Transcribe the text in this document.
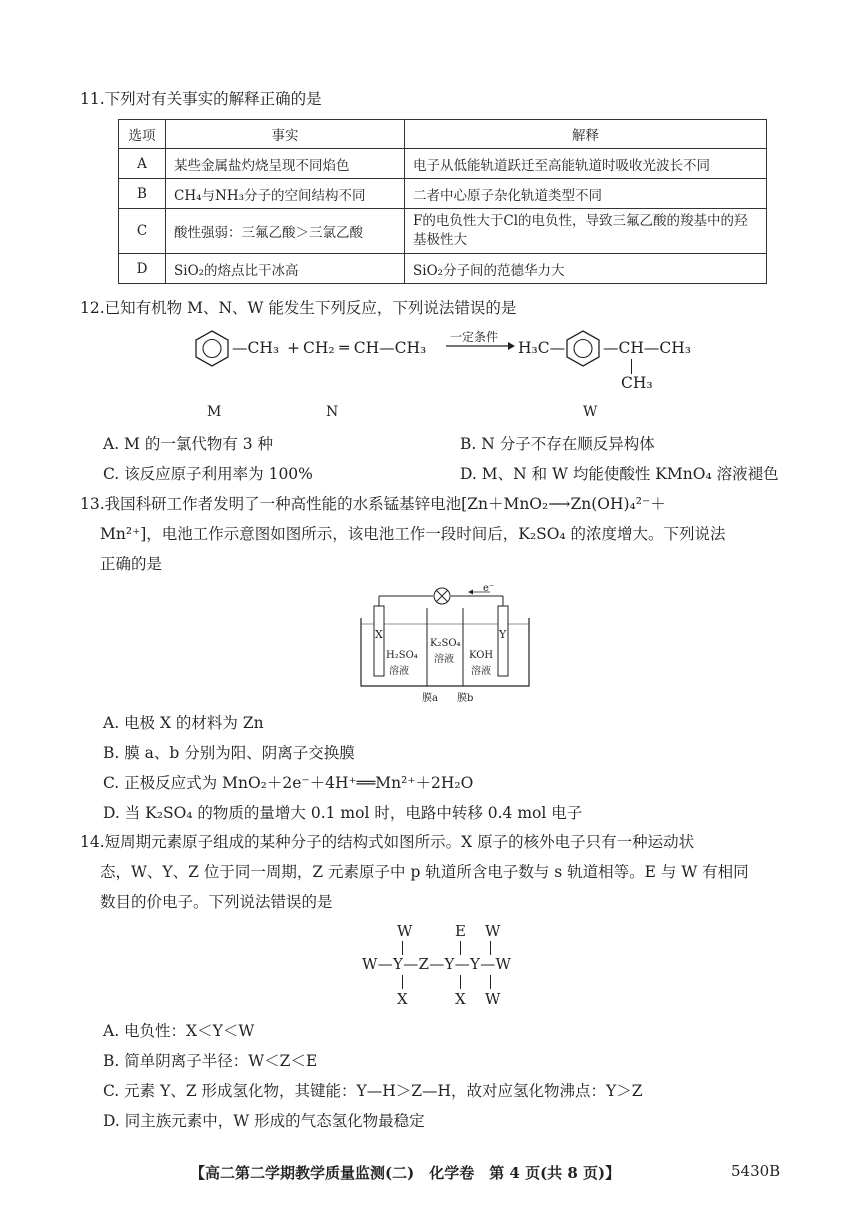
11.下列对有关事实的解释正确的是
选项	事实	解释
A	某些金属盐灼烧呈现不同焰色	电子从低能轨道跃迁至高能轨道时吸收光波长不同
B	CH₄与NH₃分子的空间结构不同	二者中心原子杂化轨道类型不同
C	酸性强弱：三氟乙酸＞三氯乙酸	F的电负性大于Cl的电负性，导致三氟乙酸的羧基中的羟基极性大
D	SiO₂的熔点比干冰高	SiO₂分子间的范德华力大
12.已知有机物 M、N、W 能发生下列反应，下列说法错误的是
—CH₃ + CH₂ ═ CH—CH₃
一定条件
H₃C— —CH—CH₃
CH₃
M	N	W
A. M 的一氯代物有 3 种	B. N 分子不存在顺反异构体
C. 该反应原子利用率为 100%	D. M、N 和 W 均能使酸性 KMnO₄ 溶液褪色
13.我国科研工作者发明了一种高性能的水系锰基锌电池[Zn＋MnO₂⟶Zn(OH)₄²⁻＋
Mn²⁺]，电池工作示意图如图所示，该电池工作一段时间后，K₂SO₄ 的浓度增大。下列说法
正确的是
e⁻
X	Y
H₂SO₄
溶液
K₂SO₄
溶液 KOH
溶液
膜a 膜b
A. 电极 X 的材料为 Zn
B. 膜 a、b 分别为阳、阴离子交换膜
C. 正极反应式为 MnO₂＋2e⁻＋4H⁺══Mn²⁺＋2H₂O
D. 当 K₂SO₄ 的物质的量增大 0.1 mol 时，电路中转移 0.4 mol 电子
14.短周期元素原子组成的某种分子的结构式如图所示。X 原子的核外电子只有一种运动状
态，W、Y、Z 位于同一周期，Z 元素原子中 p 轨道所含电子数与 s 轨道相等。E 与 W 有相同
数目的价电子。下列说法错误的是
W	E W
W—Y—Z—Y—Y—W
X	X W
A. 电负性：X＜Y＜W
B. 简单阴离子半径：W＜Z＜E
C. 元素 Y、Z 形成氢化物，其键能：Y—H＞Z—H，故对应氢化物沸点：Y＞Z
D. 同主族元素中，W 形成的气态氢化物最稳定
【高二第二学期教学质量监测(二)　化学卷　第 4 页(共 8 页)】	5430B
